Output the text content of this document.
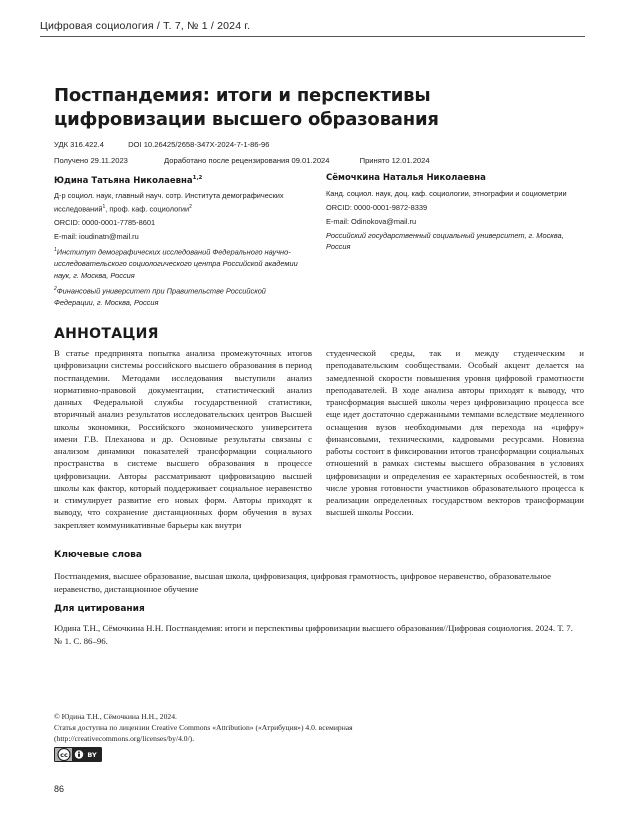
Цифровая социология / Т. 7, № 1 / 2024 г.
Постпандемия: итоги и перспективы цифровизации высшего образования
УДК 316.422.4	DOI 10.26425/2658-347X-2024-7-1-86-96
Получено 29.11.2023	Доработано после рецензирования 09.01.2024	Принято 12.01.2024
Юдина Татьяна Николаевна$^{1,2}$

Д-р социол. наук, главный науч. сотр. Института демографических исследований$^1$, проф. каф. социологии$^2$

ORCID: 0000-0001-7785-8601

E-mail: ioudinatn@mail.ru

$^1$Институт демографических исследований Федерального научно-исследовательского социологического центра Российской академии наук, г. Москва, Россия

$^2$Финансовый университет при Правительстве Российской Федерации, г. Москва, Россия

Сёмочкина Наталья Николаевна

Канд. социол. наук, доц. каф. социологии, этнографии и социометрии

ORCID: 0000-0001-9872-8339

E-mail: Odinokova@mail.ru

Российский государственный социальный университет, г. Москва, Россия

АННОТАЦИЯ
В статье предпринята попытка анализа промежуточных итогов цифровизации системы российского высшего образования в период постпандемии. Методами исследования выступили анализ нормативно-правовой документации, статистический анализ данных Федеральной службы государственной статистики, вторичный анализ результатов исследовательских центров Высшей школы экономики, Российского экономического университета имени Г.В. Плеханова и др. Основные результаты связаны с анализом динамики показателей трансформации социального пространства в системе высшего образования в процессе цифровизации. Авторы рассматривают цифровизацию высшей школы как фактор, который поддерживает социальное неравенство и стимулирует развитие его новых форм. Авторы приходят к выводу, что сохранение дистанционных форм обучения в вузах закрепляет коммуникативные барьеры как внутри
студенческой среды, так и между студенческим и преподавательским сообществами. Особый акцент делается на замедленной скорости повышения уровня цифровой грамотности преподавателей. В ходе анализа авторы приходят к выводу, что трансформация высшей школы через цифровизацию процесса все еще идет достаточно сдержанными темпами вследствие медленного оснащения вузов необходимыми для перехода на «цифру» финансовыми, техническими, кадровыми ресурсами. Новизна работы состоит в фиксировании итогов трансформации социальных отношений в рамках системы высшего образования в условиях цифровизации и определения ее характерных особенностей, в том числе уровня готовности участников образовательного процесса к реализации определенных государством векторов трансформации высшей школы России.
Ключевые слова
Постпандемия, высшее образование, высшая школа, цифровизация, цифровая грамотность, цифровое неравенство, образовательное неравенство, дистанционное обучение
Для цитирования
Юдина Т.Н., Сёмочкина Н.Н. Постпандемия: итоги и перспективы цифровизации высшего образования//Цифровая социология. 2024. Т. 7. № 1. С. 86–96.
© Юдина Т.Н., Сёмочкина Н.Н., 2024.
Статья доступна по лицензии Creative Commons «Attribution» («Атрибуция») 4.0. всемирная
(http://creativecommons.org/licenses/by/4.0/).
cc	BY
86
